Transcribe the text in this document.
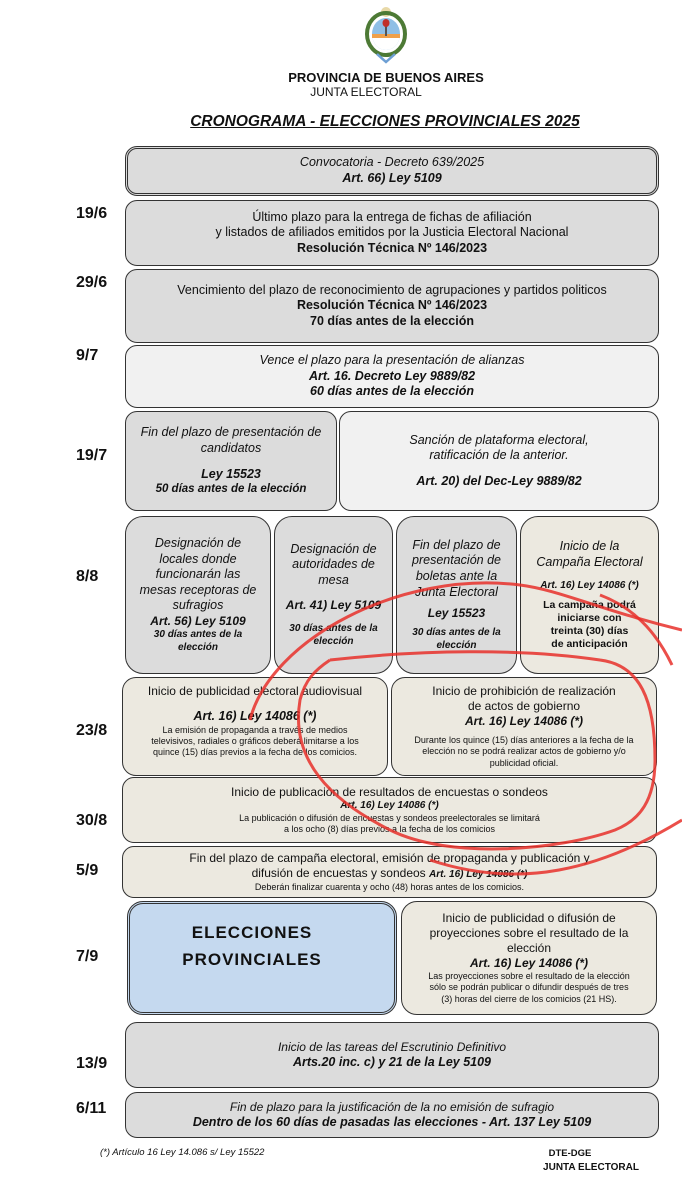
PROVINCIA DE BUENOS AIRES
JUNTA ELECTORAL
CRONOGRAMA - ELECCIONES PROVINCIALES 2025
19/6
29/6
9/7
19/7
8/8
23/8
30/8
5/9
7/9
13/9
6/11
Convocatoria - Decreto 639/2025
Art. 66) Ley 5109
Último plazo para la entrega de fichas de afiliación
y listados de afiliados emitidos por la Justicia Electoral Nacional
Resolución Técnica Nº 146/2023
Vencimiento del plazo de reconocimiento de agrupaciones y partidos politicos
Resolución Técnica Nº 146/2023
70 días antes de la elección
Vence el plazo para la presentación de alianzas
Art. 16. Decreto Ley 9889/82
60 días antes de la elección
Fin del plazo de presentación de
candidatos
Ley 15523
50 días antes de la elección
Sanción de plataforma electoral,
ratificación de la anterior.
Art. 20) del Dec-Ley 9889/82
Designación de
locales donde
funcionarán las
mesas receptoras de
sufragios
Art. 56) Ley 5109
30 días antes de la
elección
Designación de
autoridades de
mesa
Art. 41) Ley 5109
30 días antes de la
elección
Fin del plazo de
presentación de
boletas ante la
Junta Electoral
Ley 15523
30 días antes de la
elección
Inicio de la
Campaña Electoral
Art. 16) Ley 14086 (*)
La campaña podrá
iniciarse con
treinta (30) días
de anticipación
Inicio de publicidad electoral audiovisual
Art. 16) Ley 14086 (*)
La emisión de propaganda a través de medios
televisivos, radiales o gráficos deberá limitarse a los
quince (15) días previos a la fecha de los comicios.
Inicio de prohibición de realización
de actos de gobierno
Art. 16) Ley 14086 (*)
Durante los quince (15) días anteriores a la fecha de la
elección no se podrá realizar actos de gobierno y/o
publicidad oficial.
Inicio de publicación de resultados de encuestas o sondeos
Art. 16) Ley 14086 (*)
La publicación o difusión de encuestas y sondeos preelectorales se limitará
a los ocho (8) días previos a la fecha de los comicios
Fin del plazo de campaña electoral, emisión de propaganda y publicación y
difusión de encuestas y sondeos Art. 16) Ley 14086 (*)
Deberán finalizar cuarenta y ocho (48) horas antes de los comicios.
ELECCIONES
PROVINCIALES
Inicio de publicidad o difusión de
proyecciones sobre el resultado de la
elección
Art. 16) Ley 14086 (*)
Las proyecciones sobre el resultado de la elección
sólo se podrán publicar o difundir después de tres
(3) horas del cierre de los comicios (21 HS).
Inicio de las tareas del Escrutinio Definitivo
Arts.20 inc. c) y 21 de la Ley 5109
Fin de plazo para la justificación de la no emisión de sufragio
Dentro de los 60 días de pasadas las elecciones - Art. 137 Ley 5109
(*) Artículo 16 Ley 14.086 s/ Ley 15522	DTE-DGE
JUNTA ELECTORAL
